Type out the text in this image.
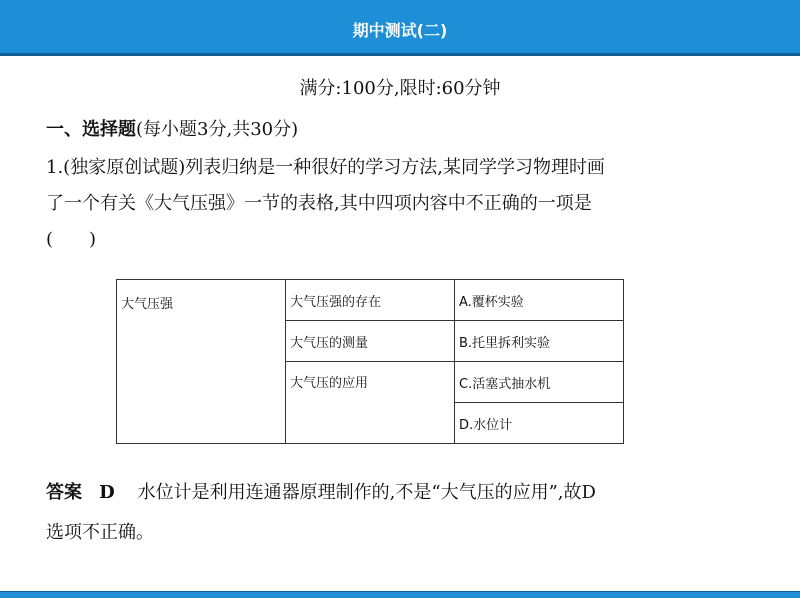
期中测试(二)
满分:100分,限时:60分钟
一、选择题(每小题3分,共30分)
1.(独家原创试题)列表归纳是一种很好的学习方法,某同学学习物理时画
了一个有关《大气压强》一节的表格,其中四项内容中不正确的一项是
(　　)
大气压强	大气压强的存在	A.覆杯实验
	大气压的测量	B.托里拆利实验
	大气压的应用	C.活塞式抽水机
		D.水位计
答案 D 水位计是利用连通器原理制作的,不是“大气压的应用”,故D
选项不正确。
